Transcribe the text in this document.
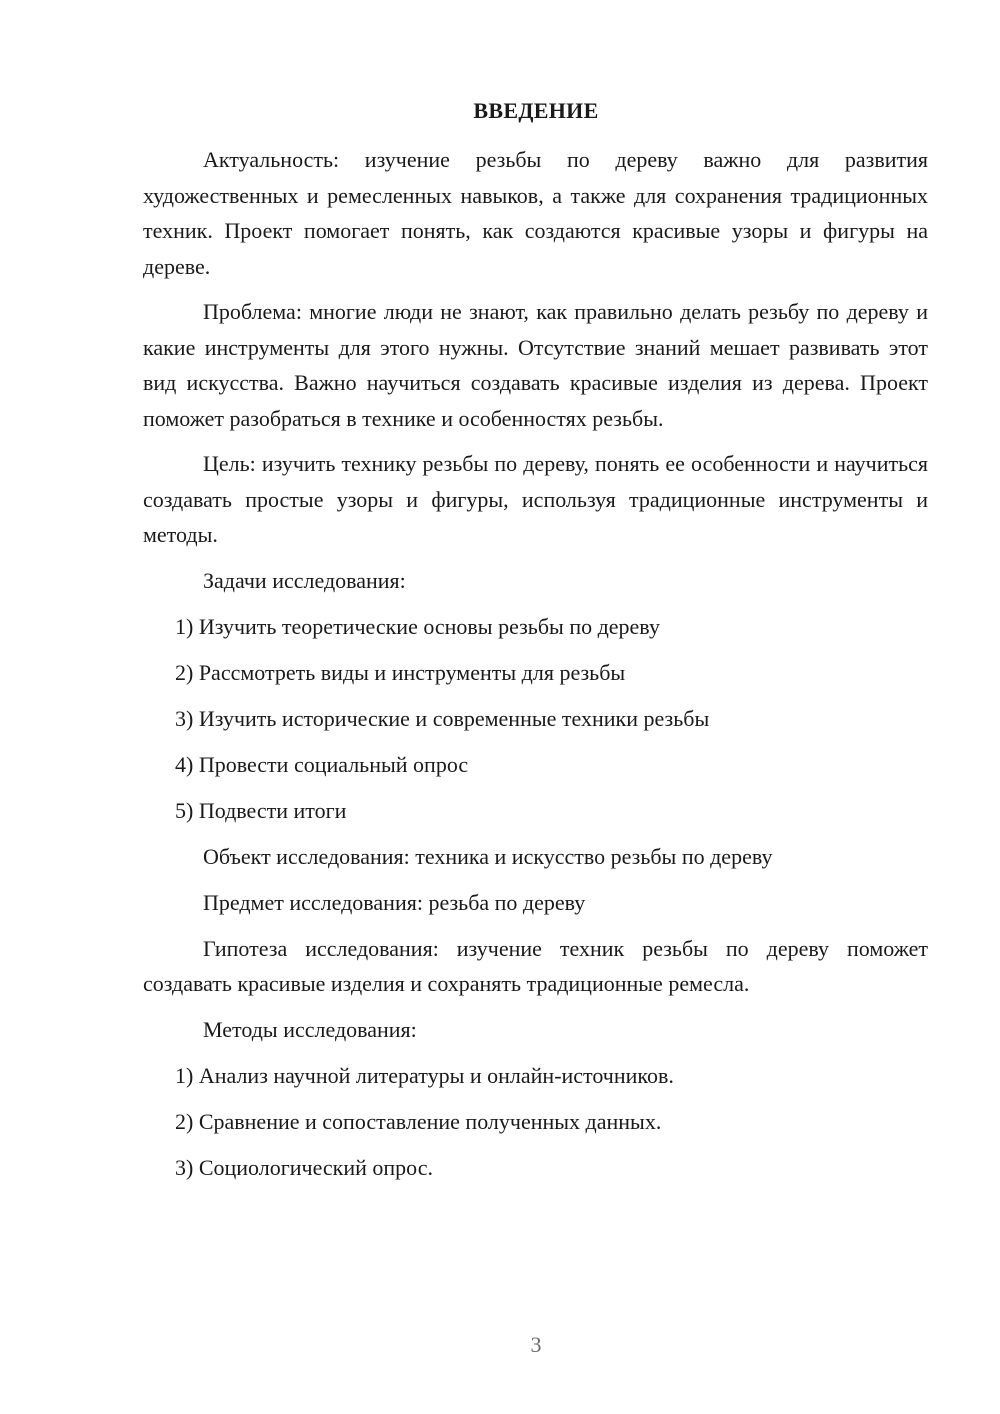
ВВЕДЕНИЕ

Актуальность: изучение резьбы по дереву важно для развития художественных и ремесленных навыков, а также для сохранения традиционных техник. Проект помогает понять, как создаются красивые узоры и фигуры на дереве.

Проблема: многие люди не знают, как правильно делать резьбу по дереву и какие инструменты для этого нужны. Отсутствие знаний мешает развивать этот вид искусства. Важно научиться создавать красивые изделия из дерева. Проект поможет разобраться в технике и особенностях резьбы.

Цель: изучить технику резьбы по дереву, понять ее особенности и научиться создавать простые узоры и фигуры, используя традиционные инструменты и методы.

Задачи исследования:

1) Изучить теоретические основы резьбы по дереву
2) Рассмотреть виды и инструменты для резьбы
3) Изучить исторические и современные техники резьбы
4) Провести социальный опрос
5) Подвести итоги

Объект исследования: техника и искусство резьбы по дереву

Предмет исследования: резьба по дереву

Гипотеза исследования: изучение техник резьбы по дереву поможет создавать красивые изделия и сохранять традиционные ремесла.

Методы исследования:

1) Анализ научной литературы и онлайн-источников.
2) Сравнение и сопоставление полученных данных.
3) Социологический опрос.
3
